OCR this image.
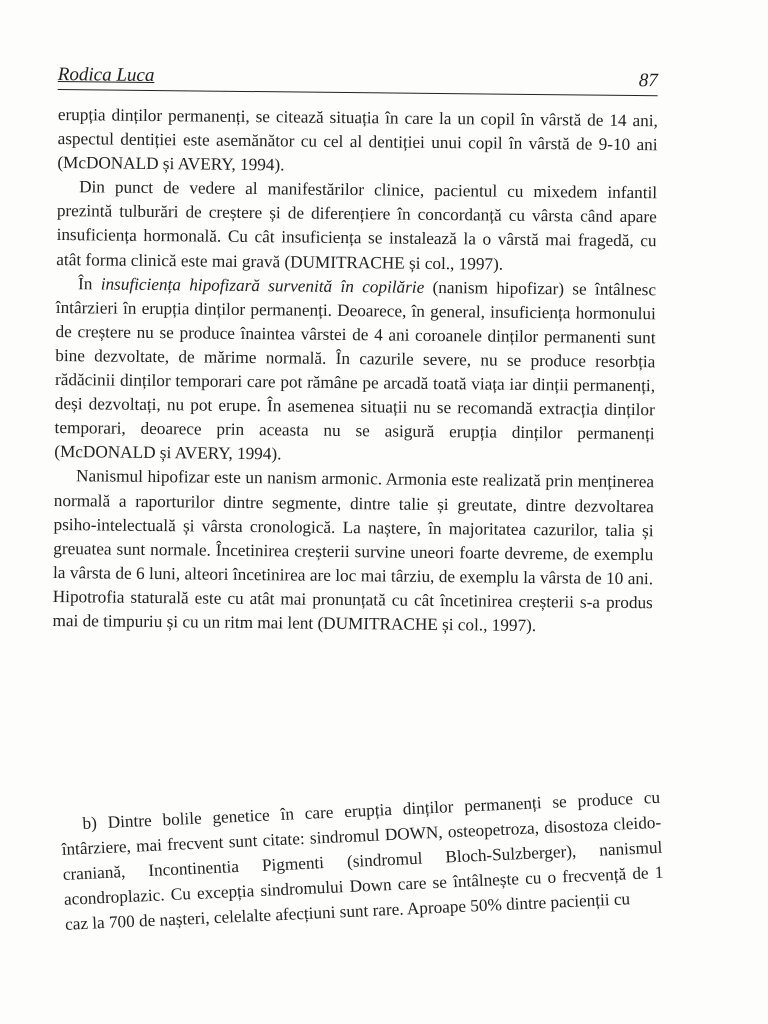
Rodica Luca	87

erupția dinților permanenți, se citează situația în care la un copil în vârstă de 14 ani, aspectul dentiției este asemănător cu cel al dentiției unui copil în vârstă de 9-10 ani (McDONALD și AVERY, 1994).

Din punct de vedere al manifestărilor clinice, pacientul cu mixedem infantil prezintă tulburări de creștere și de diferențiere în concordanță cu vârsta când apare insuficiența hormonală. Cu cât insuficiența se instalează la o vârstă mai fragedă, cu atât forma clinică este mai gravă (DUMITRACHE și col., 1997).

În insuficiența hipofizară survenită în copilărie (nanism hipofizar) se întâlnesc întârzieri în erupția dinților permanenți. Deoarece, în general, insuficiența hormonului de creștere nu se produce înaintea vârstei de 4 ani coroanele dinților permanenti sunt bine dezvoltate, de mărime normală. În cazurile severe, nu se produce resorbția rădăcinii dinților temporari care pot rămâne pe arcadă toată viața iar dinții permanenți, deși dezvoltați, nu pot erupe. În asemenea situații nu se recomandă extracția dinților temporari, deoarece prin aceasta nu se asigură erupția dinților permanenți (McDONALD și AVERY, 1994).

Nanismul hipofizar este un nanism armonic. Armonia este realizată prin menținerea normală a raporturilor dintre segmente, dintre talie și greutate, dintre dezvoltarea psiho-intelectuală și vârsta cronologică. La naștere, în majoritatea cazurilor, talia și greuatea sunt normale. Încetinirea creșterii survine uneori foarte devreme, de exemplu la vârsta de 6 luni, alteori încetinirea are loc mai târziu, de exemplu la vârsta de 10 ani. Hipotrofia staturală este cu atât mai pronunțată cu cât încetinirea creșterii s-a produs mai de timpuriu și cu un ritm mai lent (DUMITRACHE și col., 1997).

b) Dintre bolile genetice în care erupția dinților permanenți se produce cu întârziere, mai frecvent sunt citate: sindromul DOWN, osteopetroza, disostoza cleido-craniană, Incontinentia Pigmenti (sindromul Bloch-Sulzberger), nanismul acondroplazic. Cu excepția sindromului Down care se întâlnește cu o frecvență de 1 caz la 700 de nașteri, celelalte afecțiuni sunt rare. Aproape 50% dintre pacienții cu
